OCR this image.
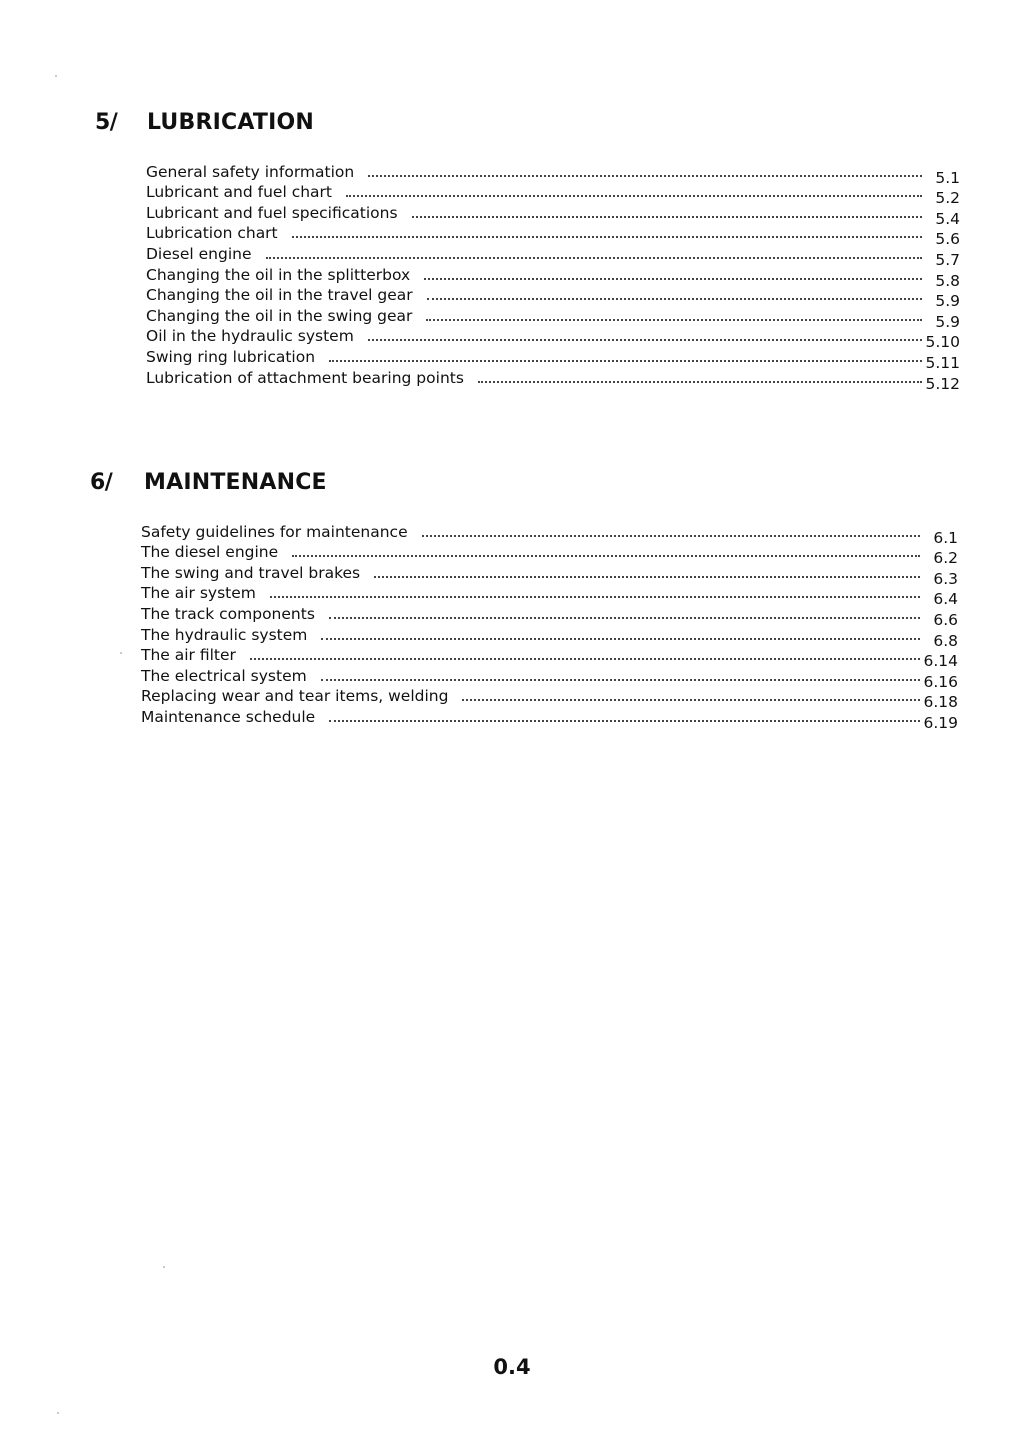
5/ LUBRICATION
General safety information	5.1
Lubricant and fuel chart	5.2
Lubricant and fuel specifications	5.4
Lubrication chart	5.6
Diesel engine	5.7
Changing the oil in the splitterbox	5.8
Changing the oil in the travel gear	5.9
Changing the oil in the swing gear	5.9
Oil in the hydraulic system	5.10
Swing ring lubrication	5.11
Lubrication of attachment bearing points	5.12
6/ MAINTENANCE
Safety guidelines for maintenance	6.1
The diesel engine	6.2
The swing and travel brakes	6.3
The air system	6.4
The track components	6.6
The hydraulic system	6.8
The air filter	6.14
The electrical system	6.16
Replacing wear and tear items, welding	6.18
Maintenance schedule	6.19
0.4
